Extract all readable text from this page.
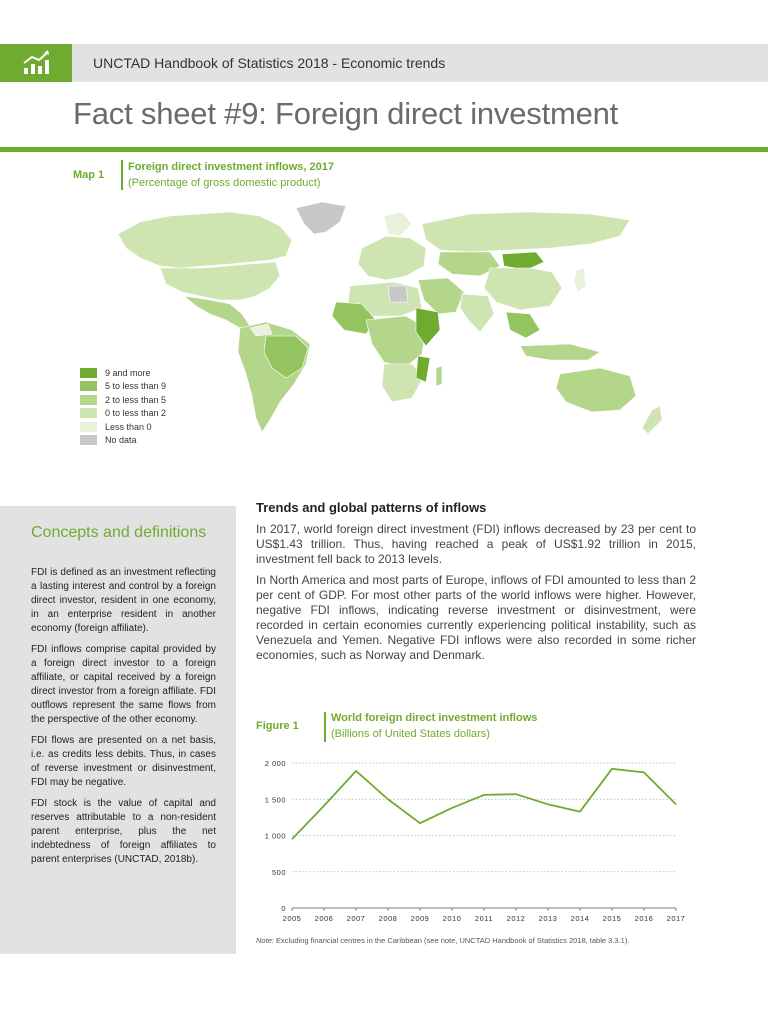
UNCTAD Handbook of Statistics 2018 - Economic trends
Fact sheet #9: Foreign direct investment
Map 1
Foreign direct investment inflows, 2017
(Percentage of gross domestic product)
9 and more
5 to less than 9
2 to less than 5
0 to less than 2
Less than 0
No data
Concepts and definitions

FDI is defined as an investment reflecting a lasting interest and control by a foreign direct investor, resident in one economy, in an enterprise resident in another economy (foreign affiliate).

FDI inflows comprise capital provided by a foreign direct investor to a foreign affiliate, or capital received by a foreign direct investor from a foreign affiliate. FDI outflows represent the same flows from the perspective of the other economy.

FDI flows are presented on a net basis, i.e. as credits less debits. Thus, in cases of reverse investment or disinvestment, FDI may be negative.

FDI stock is the value of capital and reserves attributable to a non-resident parent enterprise, plus the net indebtedness of foreign affiliates to parent enterprises (UNCTAD, 2018b).

Trends and global patterns of inflows

In 2017, world foreign direct investment (FDI) inflows decreased by 23 per cent to US$1.43 trillion. Thus, having reached a peak of US$1.92 trillion in 2015, investment fell back to 2013 levels.

In North America and most parts of Europe, inflows of FDI amounted to less than 2 per cent of GDP. For most other parts of the world inflows were higher. However, negative FDI inflows, indicating reverse investment or disinvestment, were recorded in certain economies currently experiencing political instability, such as Venezuela and Yemen. Negative FDI inflows were also recorded in some richer economies, such as Norway and Denmark.

Figure 1
World foreign direct investment inflows
(Billions of United States dollars)
0
500
1 000
1 500
2 000
2005 2006 2007 2008 2009 2010 2011 2012 2013 2014 2015 2016 2017
Note: Excluding financial centres in the Caribbean (see note, UNCTAD Handbook of Statistics 2018, table 3.3.1).
